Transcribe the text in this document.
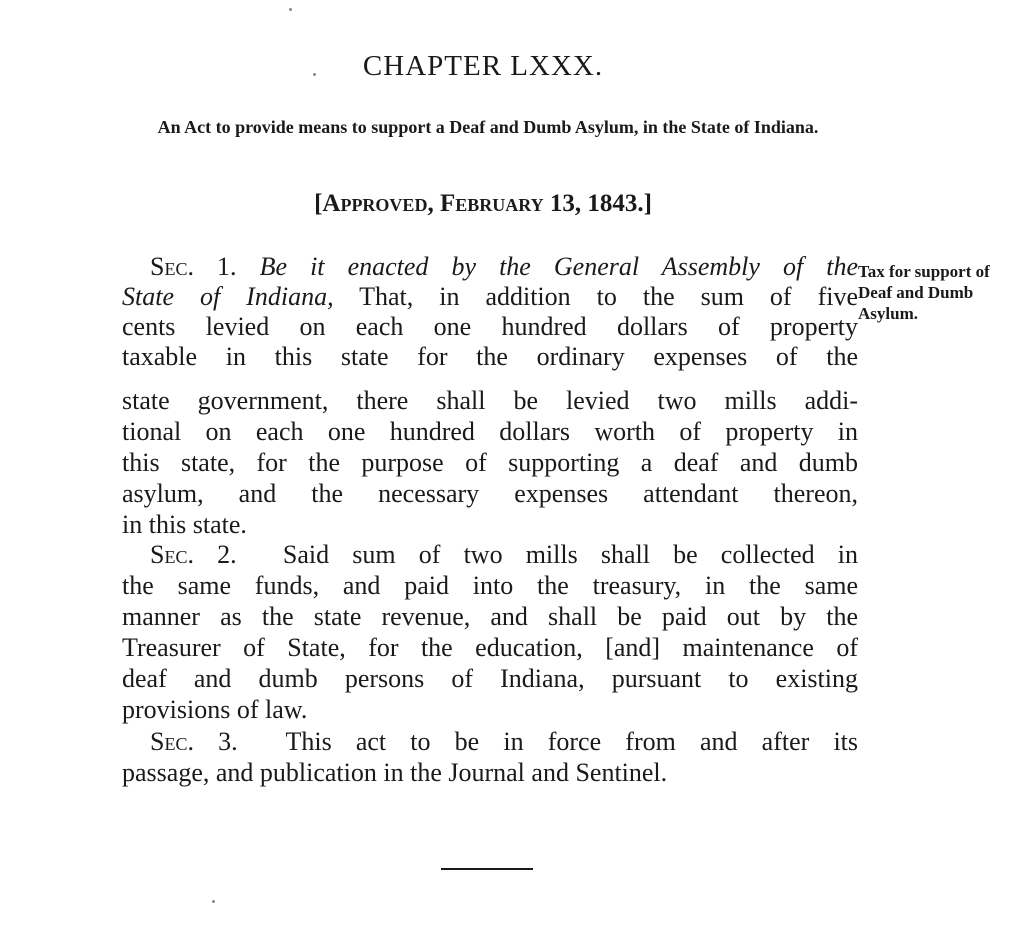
CHAPTER LXXX.
An Act to provide means to support a Deaf and Dumb Asylum, in the State of Indiana.
[Approved, February 13, 1843.]
Tax for support of Deaf and Dumb Asylum.
Sec. 1. Be it enacted by the General Assembly of the
State of Indiana, That, in addition to the sum of five
cents levied on each one hundred dollars of property
taxable in this state for the ordinary expenses of the
state government, there shall be levied two mills addi-
tional on each one hundred dollars worth of property in
this state, for the purpose of supporting a deaf and dumb
asylum, and the necessary expenses attendant thereon,
in this state.
Sec. 2. Said sum of two mills shall be collected in
the same funds, and paid into the treasury, in the same
manner as the state revenue, and shall be paid out by the
Treasurer of State, for the education, [and] maintenance of
deaf and dumb persons of Indiana, pursuant to existing
provisions of law.
Sec. 3. This act to be in force from and after its
passage, and publication in the Journal and Sentinel.
